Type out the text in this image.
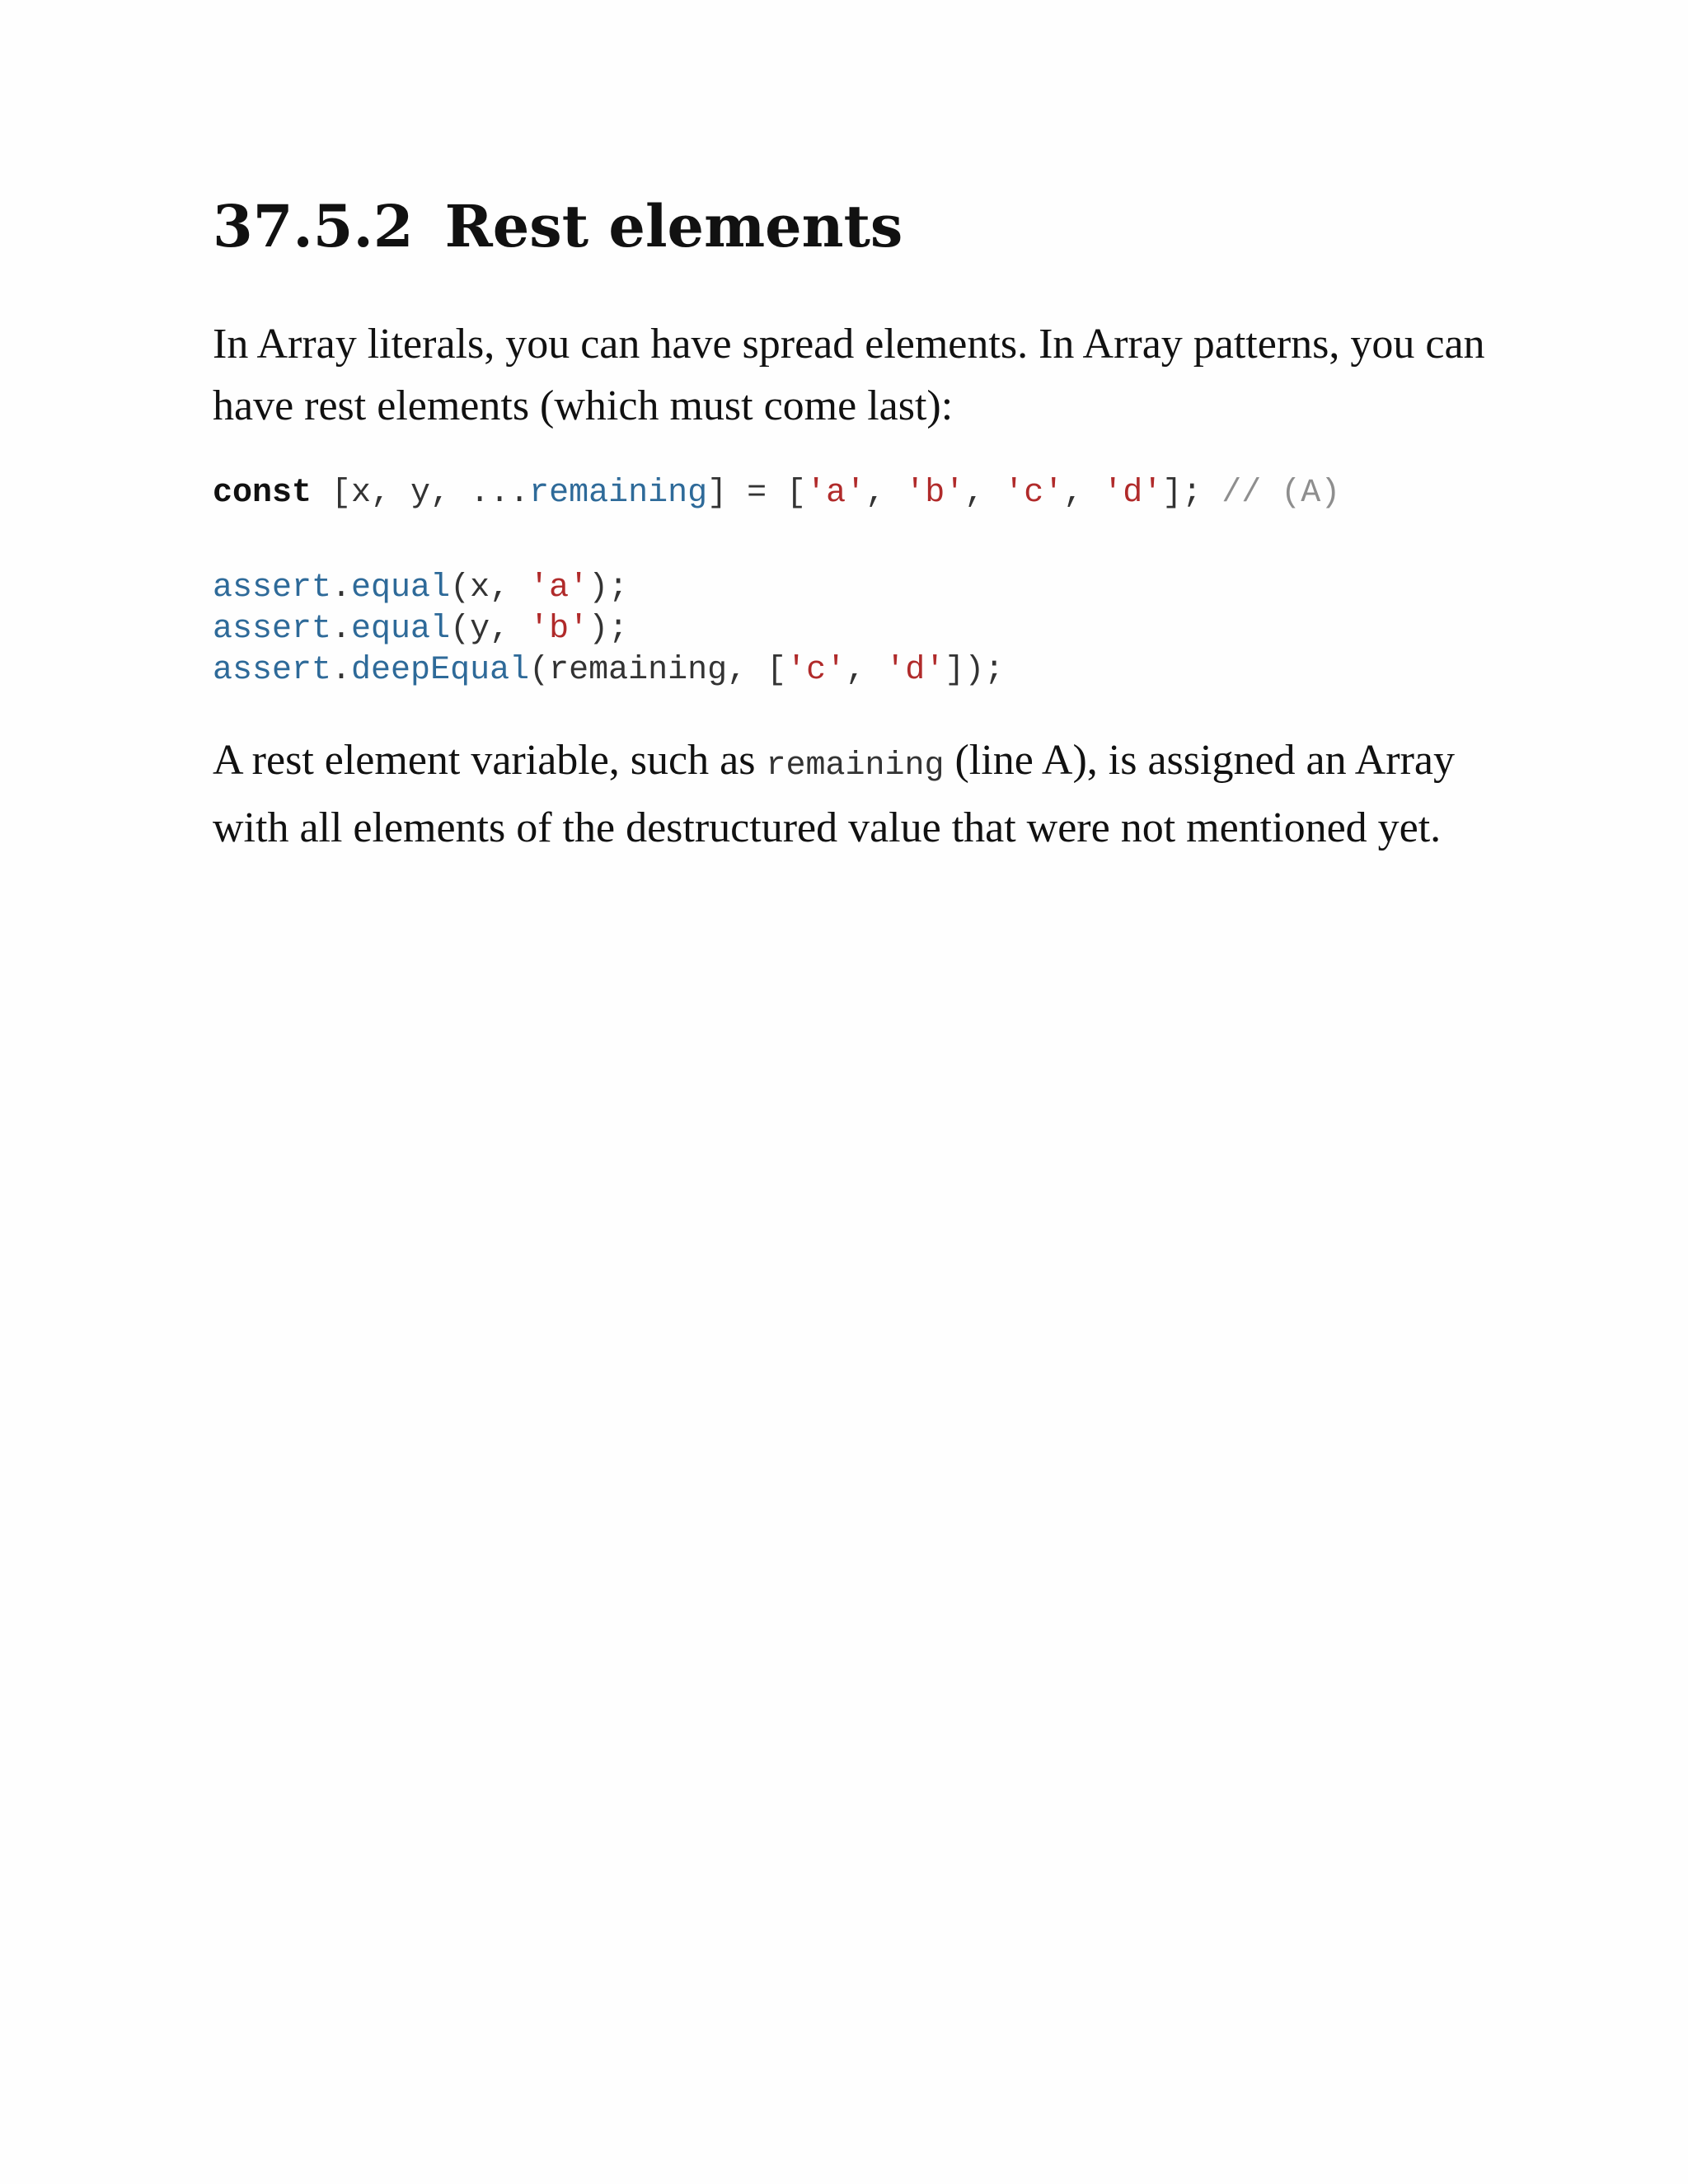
37.5.2 Rest elements

In Array literals, you can have spread elements. In Array patterns, you can have rest elements (which must come last):

const [x, y, ...remaining] = ['a', 'b', 'c', 'd']; // (A)
assert.equal(x, 'a');
assert.equal(y, 'b');
assert.deepEqual(remaining, ['c', 'd']);

A rest element variable, such as remaining (line A), is assigned an Array with all elements of the destructured value that were not mentioned yet.
